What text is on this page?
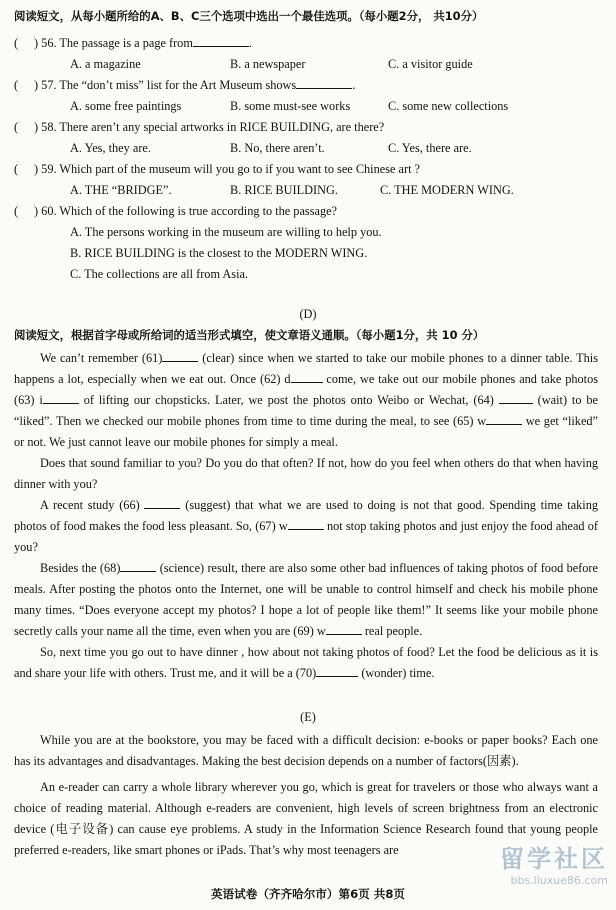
阅读短文，从每小题所给的A、B、C三个选项中选出一个最佳选项。（每小题2分， 共10分）
( ) 56. The passage is a page from	.
A. a magazine	B. a newspaper	C. a visitor guide
( ) 57. The “don’t miss” list for the Art Museum shows	.
A. some free paintings	B. some must-see works	C. some new collections
( ) 58. There aren’t any special artworks in RICE BUILDING, are there?
A. Yes, they are.	B. No, there aren’t.	C. Yes, there are.
( ) 59. Which part of the museum will you go to if you want to see Chinese art ?
A. THE “BRIDGE”.	B. RICE BUILDING.	C. THE MODERN WING.
( ) 60. Which of the following is true according to the passage?
A. The persons working in the museum are willing to help you.
B. RICE BUILDING is the closest to the MODERN WING.
C. The collections are all from Asia.
(D)
阅读短文，根据首字母或所给词的适当形式填空，使文章语义通顺。（每小题1分，共 10 分）

We can’t remember (61)	(clear) since when we started to take our mobile phones to a dinner table. This happens a lot, especially when we eat out. Once (62) d	come, we take out our mobile phones and take photos (63) i	of lifting our chopsticks. Later, we post the photos onto Weibo or Wechat, (64)	(wait) to be “liked”. Then we checked our mobile phones from time to time during the meal, to see (65) w	we get “liked” or not. We just cannot leave our mobile phones for simply a meal.

Does that sound familiar to you? Do you do that often? If not, how do you feel when others do that when having dinner with you?

A recent study (66)	(suggest) that what we are used to doing is not that good. Spending time taking photos of food makes the food less pleasant. So, (67) w	not stop taking photos and just enjoy the food ahead of you?

Besides the (68)	(science) result, there are also some other bad influences of taking photos of food before meals. After posting the photos onto the Internet, one will be unable to control himself and check his mobile phone many times. “Does everyone accept my photos? I hope a lot of people like them!” It seems like your mobile phone secretly calls your name all the time, even when you are (69) w	real people.

So, next time you go out to have dinner , how about not taking photos of food? Let the food be delicious as it is and share your life with others. Trust me, and it will be a (70)	(wonder) time.

(E)

While you are at the bookstore, you may be faced with a difficult decision: e-books or paper books? Each one has its advantages and disadvantages. Making the best decision depends on a number of factors(因素).

An e-reader can carry a whole library wherever you go, which is great for travelers or those who always want a choice of reading material. Although e-readers are convenient, high levels of screen brightness from an electronic device (电子设备) can cause eye problems. A study in the Information Science Research found that young people preferred e-readers, like smart phones or iPads. That’s why most teenagers are	留学社区
bbs.liuxue86.com
英语试卷（齐齐哈尔市）第6页 共8页
